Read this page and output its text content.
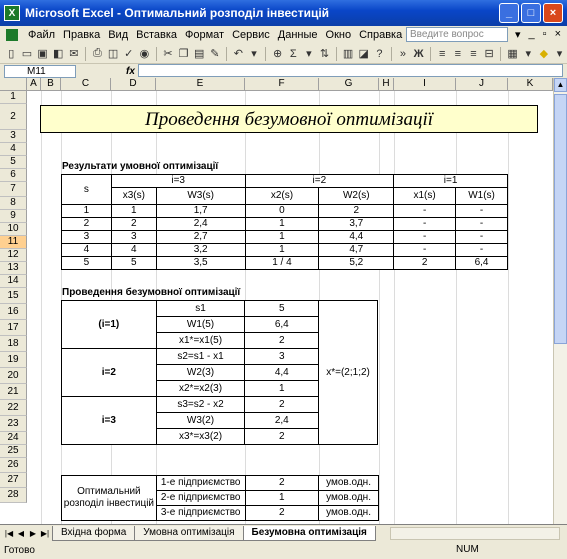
X Microsoft Excel - Оптимальний розподіл інвестицій	_	□	×
Файл Правка Вид Вставка Формат Сервис Данные Окно Справка Введите вопрос	▾ _ ▫ ×
▯ ▭ ▣ ◧ ✉ ⎙ ◫ ✓ ◉ ✂ ❐ ▤ ✎ ↶ ▾	⊕ Σ ▾ ⇅ ▥ ◪ ?	» Ж	≡ ≡ ≡ ⊟ ▦ ▾ ◆ ▾
M11	fx
A	B	C	D	E	F	G	H	I	J	K
1
2
3
4
5
6
7
8
9
10
11
12
13
14
15
16
17
18
19
20
21
22
23
24
25
26
27
28
Проведення безумовної оптимізації
Результати умовної оптимізації
s	i=3		i=2		i=1	
	x3(s)	W3(s)	x2(s)	W2(s)	x1(s)	W1(s)
1	1	1,7	0	2	-	-
2	2	2,4	1	3,7	-	-
3	3	2,7	1	4,4	-	-
4	4	3,2	1	4,7	-	-
5	5	3,5	1 / 4	5,2	2	6,4
Проведення безумовної оптимізації
(i=1)	s1	5	x*=(2;1;2)
	W1(5)	6,4	
	x1*=x1(5)	2	
i=2	s2=s1 - x1	3	
	W2(3)	4,4	
	x2*=x2(3)	1	
i=3	s3=s2 - x2	2	
	W3(2)	2,4	
	x3*=x3(2)	2	
Оптимальний розподіл інвестицій	1-е підприємство	2	умов.одн.
	2-е підприємство	1	умов.одн.
	3-е підприємство	2	умов.одн.
▲
|◀ ◀ ▶ ▶|	Вхідна форма	Умовна оптимізація	Безумовна оптимізація
Готово	NUM
